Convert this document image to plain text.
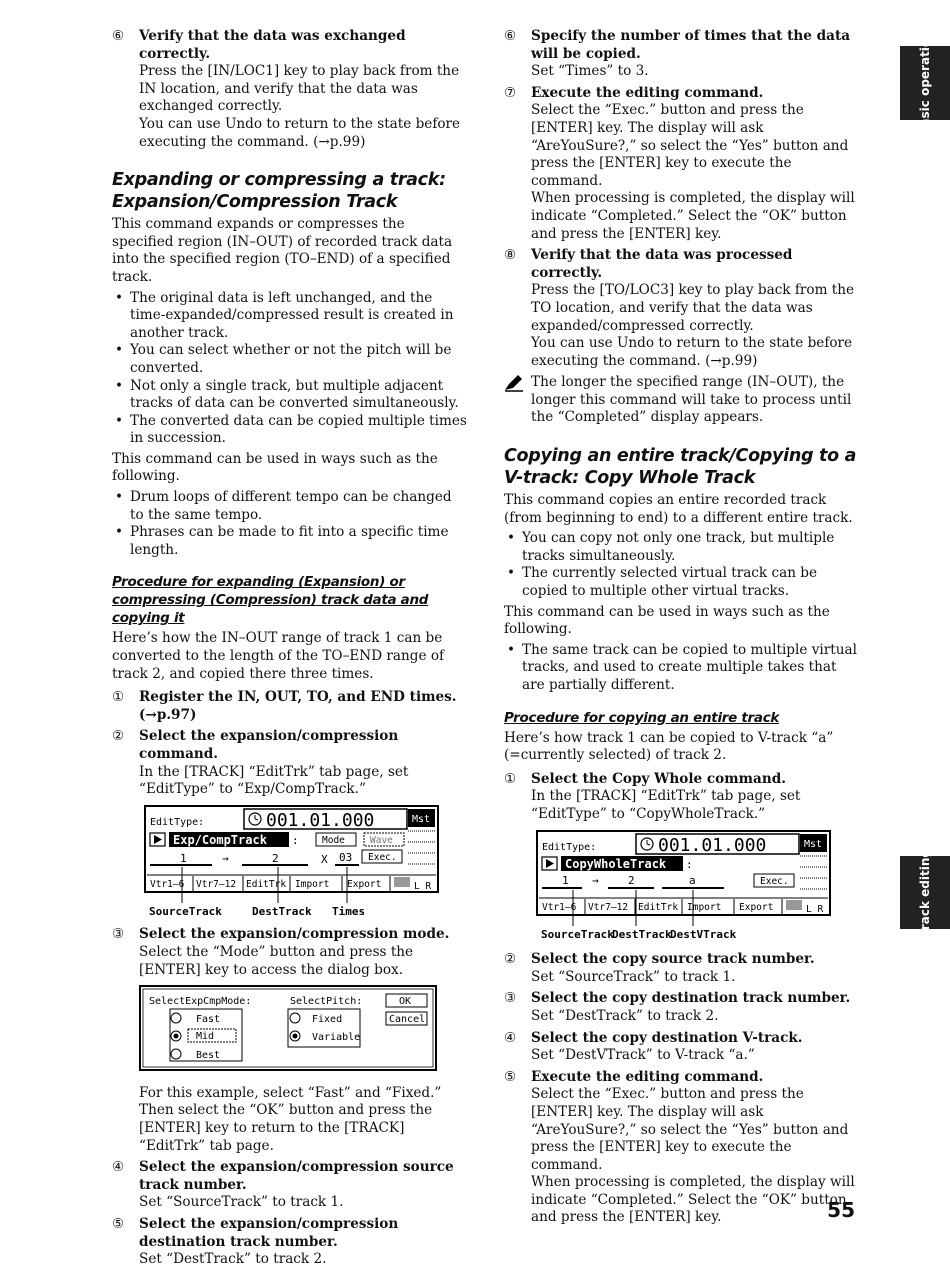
Basic operation
Track editing
⑥ Verify that the data was exchanged correctly.

Press the [IN/LOC1] key to play back from the IN location, and verify that the data was exchanged correctly.

You can use Undo to return to the state before executing the command. (→p.99)

Expanding or compressing a track: Expansion/Compression Track

This command expands or compresses the specified region (IN–OUT) of recorded track data into the specified region (TO–END) of a specified track.

• The original data is left unchanged, and the time-expanded/compressed result is created in another track.
• You can select whether or not the pitch will be converted.
• Not only a single track, but multiple adjacent tracks of data can be converted simultaneously.
• The converted data can be copied multiple times in succession.

This command can be used in ways such as the following.

• Drum loops of different tempo can be changed to the same tempo.
• Phrases can be made to fit into a specific time length.
Procedure for expanding (Expansion) or compressing (Compression) track data and copying it

Here’s how the IN–OUT range of track 1 can be converted to the length of the TO–END range of track 2, and copied there three times.

① Register the IN, OUT, TO, and END times.

(→p.97)

② Select the expansion/compression command.

In the [TRACK] “EditTrk” tab page, set “EditType” to “Exp/CompTrack.”

EditType:	001.01.000	Mst
Exp/CompTrack : Mode	Wave
1	→	2	X 03 Exec.
Vtr1–6 Vtr7–12 EditTrk Import Export	L R
SourceTrack	DestTrack Times
③ Select the expansion/compression mode.

Select the “Mode” button and press the [ENTER] key to access the dialog box.

SelectExpCmpMode:	SelectPitch:
Fast
Mid
Best
Fixed
Variable
OK
Cancel

For this example, select “Fast” and “Fixed.” Then select the “OK” button and press the [ENTER] key to return to the [TRACK] “EditTrk” tab page.

④ Select the expansion/compression source track number.

Set “SourceTrack” to track 1.

⑤ Select the expansion/compression destination track number.

Set “DestTrack” to track 2.

⑥ Specify the number of times that the data will be copied.

Set “Times” to 3.

⑦ Execute the editing command.

Select the “Exec.” button and press the [ENTER] key. The display will ask “AreYouSure?,” so select the “Yes” button and press the [ENTER] key to execute the command.

When processing is completed, the display will indicate “Completed.” Select the “OK” button and press the [ENTER] key.

⑧ Verify that the data was processed correctly.

Press the [TO/LOC3] key to play back from the TO location, and verify that the data was expanded/compressed correctly.

You can use Undo to return to the state before executing the command. (→p.99)

The longer the specified range (IN–OUT), the longer this command will take to process until the “Completed” display appears.

Copying an entire track/Copying to a V-track: Copy Whole Track

This command copies an entire recorded track (from beginning to end) to a different entire track.

• You can copy not only one track, but multiple tracks simultaneously.
• The currently selected virtual track can be copied to multiple other virtual tracks.

This command can be used in ways such as the following.

• The same track can be copied to multiple virtual tracks, and used to create multiple takes that are partially different.
Procedure for copying an entire track

Here’s how track 1 can be copied to V-track “a” (=currently selected) of track 2.

① Select the Copy Whole command.

In the [TRACK] “EditTrk” tab page, set “EditType” to “CopyWholeTrack.”

EditType:	001.01.000	Mst
CopyWholeTrack :
1 →	2	a	Exec.
Vtr1–6 Vtr7–12 EditTrk Import Export	L R
SourceTrack
DestTrack
DestVTrack
② Select the copy source track number.

Set “SourceTrack” to track 1.

③ Select the copy destination track number.

Set “DestTrack” to track 2.

④ Select the copy destination V-track.

Set “DestVTrack” to V-track “a.”

⑤ Execute the editing command.

Select the “Exec.” button and press the [ENTER] key. The display will ask “AreYouSure?,” so select the “Yes” button and press the [ENTER] key to execute the command.

When processing is completed, the display will indicate “Completed.” Select the “OK” button and press the [ENTER] key.	55
